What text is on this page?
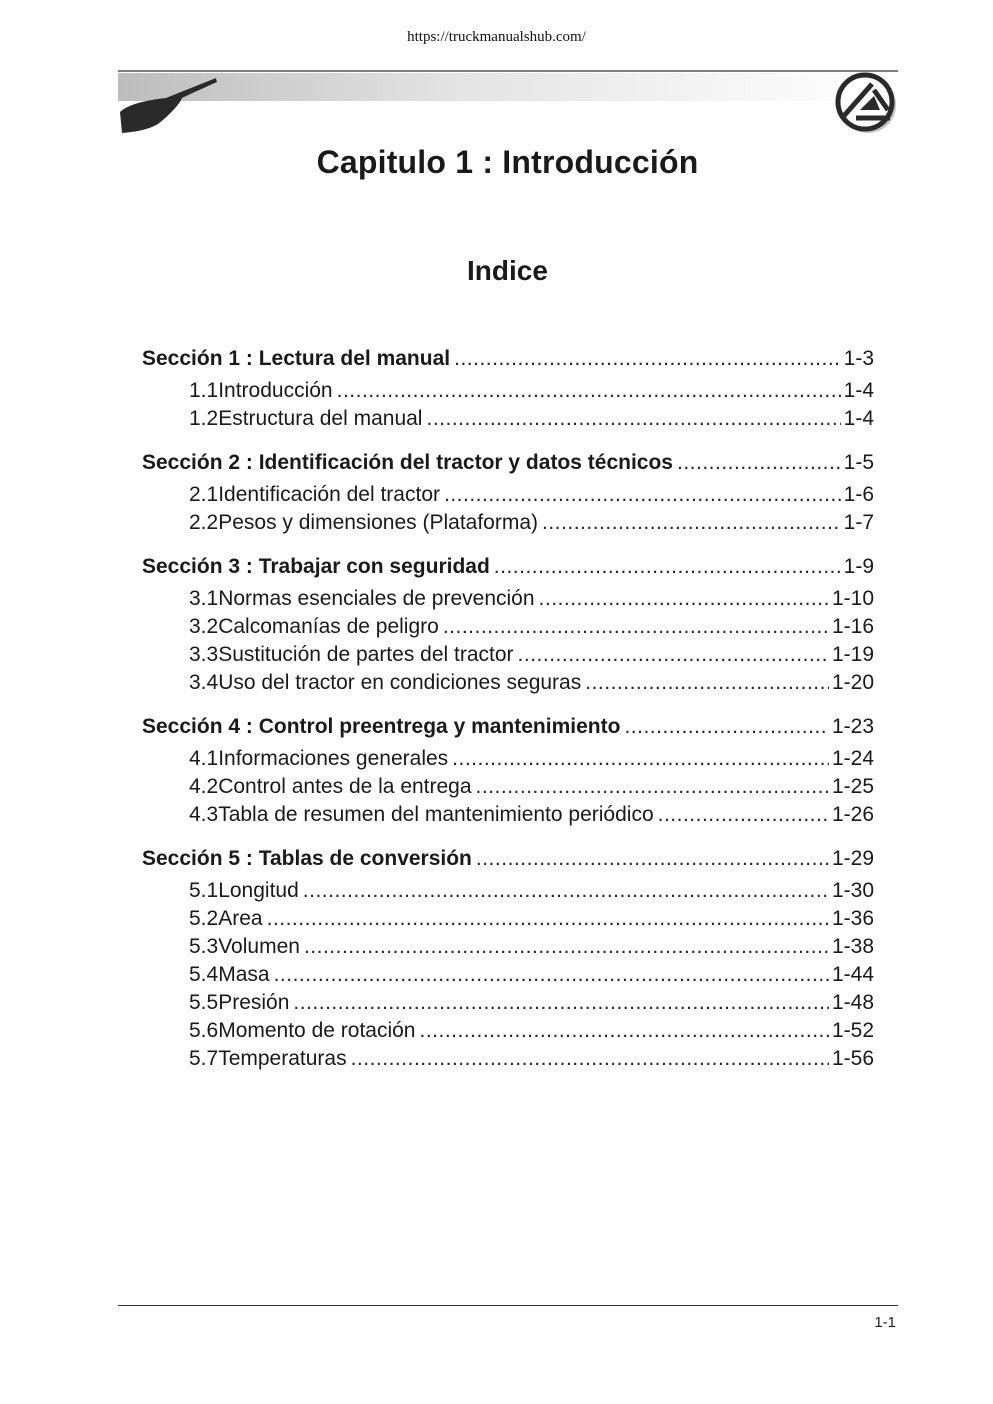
https://truckmanualshub.com/
Capitulo 1 : Introducción
Indice
Sección 1 : Lectura del manual .....	1-3
1.1 Introducción .....	1-4
1.2 Estructura del manual .....	1-4
Sección 2 : Identificación del tractor y datos técnicos .....	1-5
2.1 Identificación del tractor .....	1-6
2.2 Pesos y dimensiones (Plataforma) .....	1-7
Sección 3 : Trabajar con seguridad .....	1-9
3.1 Normas esenciales de prevención .....	1-10
3.2 Calcomanías de peligro .....	1-16
3.3 Sustitución de partes del tractor .....	1-19
3.4 Uso del tractor en condiciones seguras .....	1-20
Sección 4 : Control preentrega y mantenimiento .....	1-23
4.1 Informaciones generales .....	1-24
4.2 Control antes de la entrega .....	1-25
4.3 Tabla de resumen del mantenimiento periódico .....	1-26
Sección 5 : Tablas de conversión .....	1-29
5.1 Longitud .....	1-30
5.2 Area .....	1-36
5.3 Volumen .....	1-38
5.4 Masa .....	1-44
5.5 Presión .....	1-48
5.6 Momento de rotación .....	1-52
5.7 Temperaturas .....	1-56
1-1
